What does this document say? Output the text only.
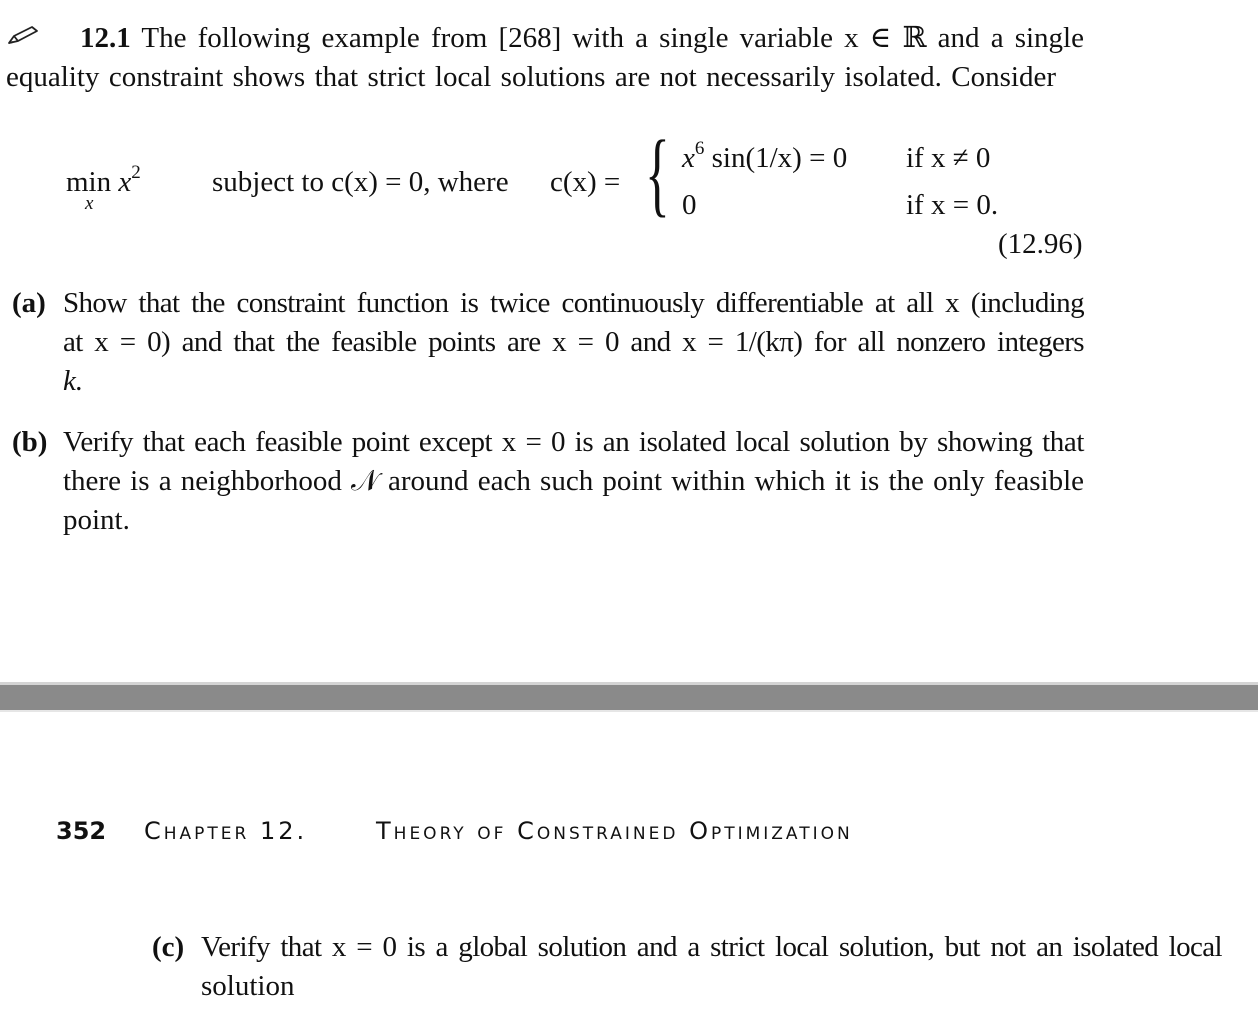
12.1 The following example from [268] with a single variable x ∈ ℝ and a single
equality constraint shows that strict local solutions are not necessarily isolated. Consider
$\min x^2$
x
subject to c(x) = 0, where c(x) = { $x^6$ sin(1/x) = 0 if x ≠ 0
0	if x = 0.
(12.96)
(a) Show that the constraint function is twice continuously differentiable at all x (including
at x = 0) and that the feasible points are x = 0 and x = 1/(kπ) for all nonzero integers
k.
(b) Verify that each feasible point except x = 0 is an isolated local solution by showing that
there is a neighborhood 𝒩 around each such point within which it is the only feasible
point.
352 Chapter 12.	Theory of Constrained Optimization
(c) Verify that x = 0 is a global solution and a strict local solution, but not an isolated local
solution
